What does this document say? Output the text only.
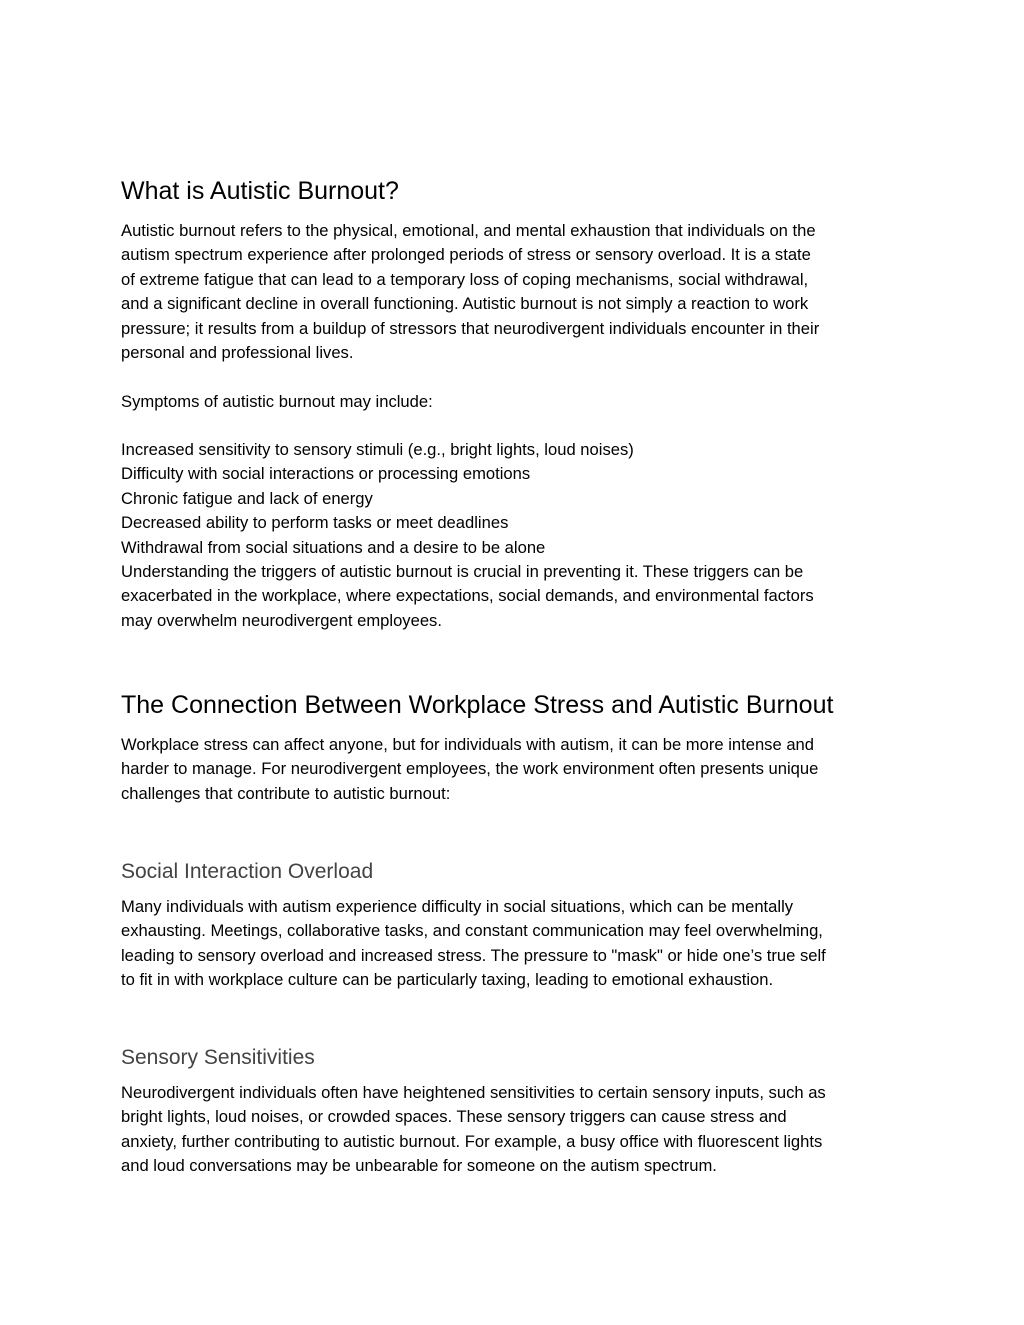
What is Autistic Burnout?
Autistic burnout refers to the physical, emotional, and mental exhaustion that individuals on the
autism spectrum experience after prolonged periods of stress or sensory overload. It is a state
of extreme fatigue that can lead to a temporary loss of coping mechanisms, social withdrawal,
and a significant decline in overall functioning. Autistic burnout is not simply a reaction to work
pressure; it results from a buildup of stressors that neurodivergent individuals encounter in their
personal and professional lives.

Symptoms of autistic burnout may include:

Increased sensitivity to sensory stimuli (e.g., bright lights, loud noises)
Difficulty with social interactions or processing emotions
Chronic fatigue and lack of energy
Decreased ability to perform tasks or meet deadlines
Withdrawal from social situations and a desire to be alone
Understanding the triggers of autistic burnout is crucial in preventing it. These triggers can be
exacerbated in the workplace, where expectations, social demands, and environmental factors
may overwhelm neurodivergent employees.
The Connection Between Workplace Stress and Autistic Burnout
Workplace stress can affect anyone, but for individuals with autism, it can be more intense and
harder to manage. For neurodivergent employees, the work environment often presents unique
challenges that contribute to autistic burnout:
Social Interaction Overload
Many individuals with autism experience difficulty in social situations, which can be mentally
exhausting. Meetings, collaborative tasks, and constant communication may feel overwhelming,
leading to sensory overload and increased stress. The pressure to "mask" or hide one’s true self
to fit in with workplace culture can be particularly taxing, leading to emotional exhaustion.
Sensory Sensitivities
Neurodivergent individuals often have heightened sensitivities to certain sensory inputs, such as
bright lights, loud noises, or crowded spaces. These sensory triggers can cause stress and
anxiety, further contributing to autistic burnout. For example, a busy office with fluorescent lights
and loud conversations may be unbearable for someone on the autism spectrum.
